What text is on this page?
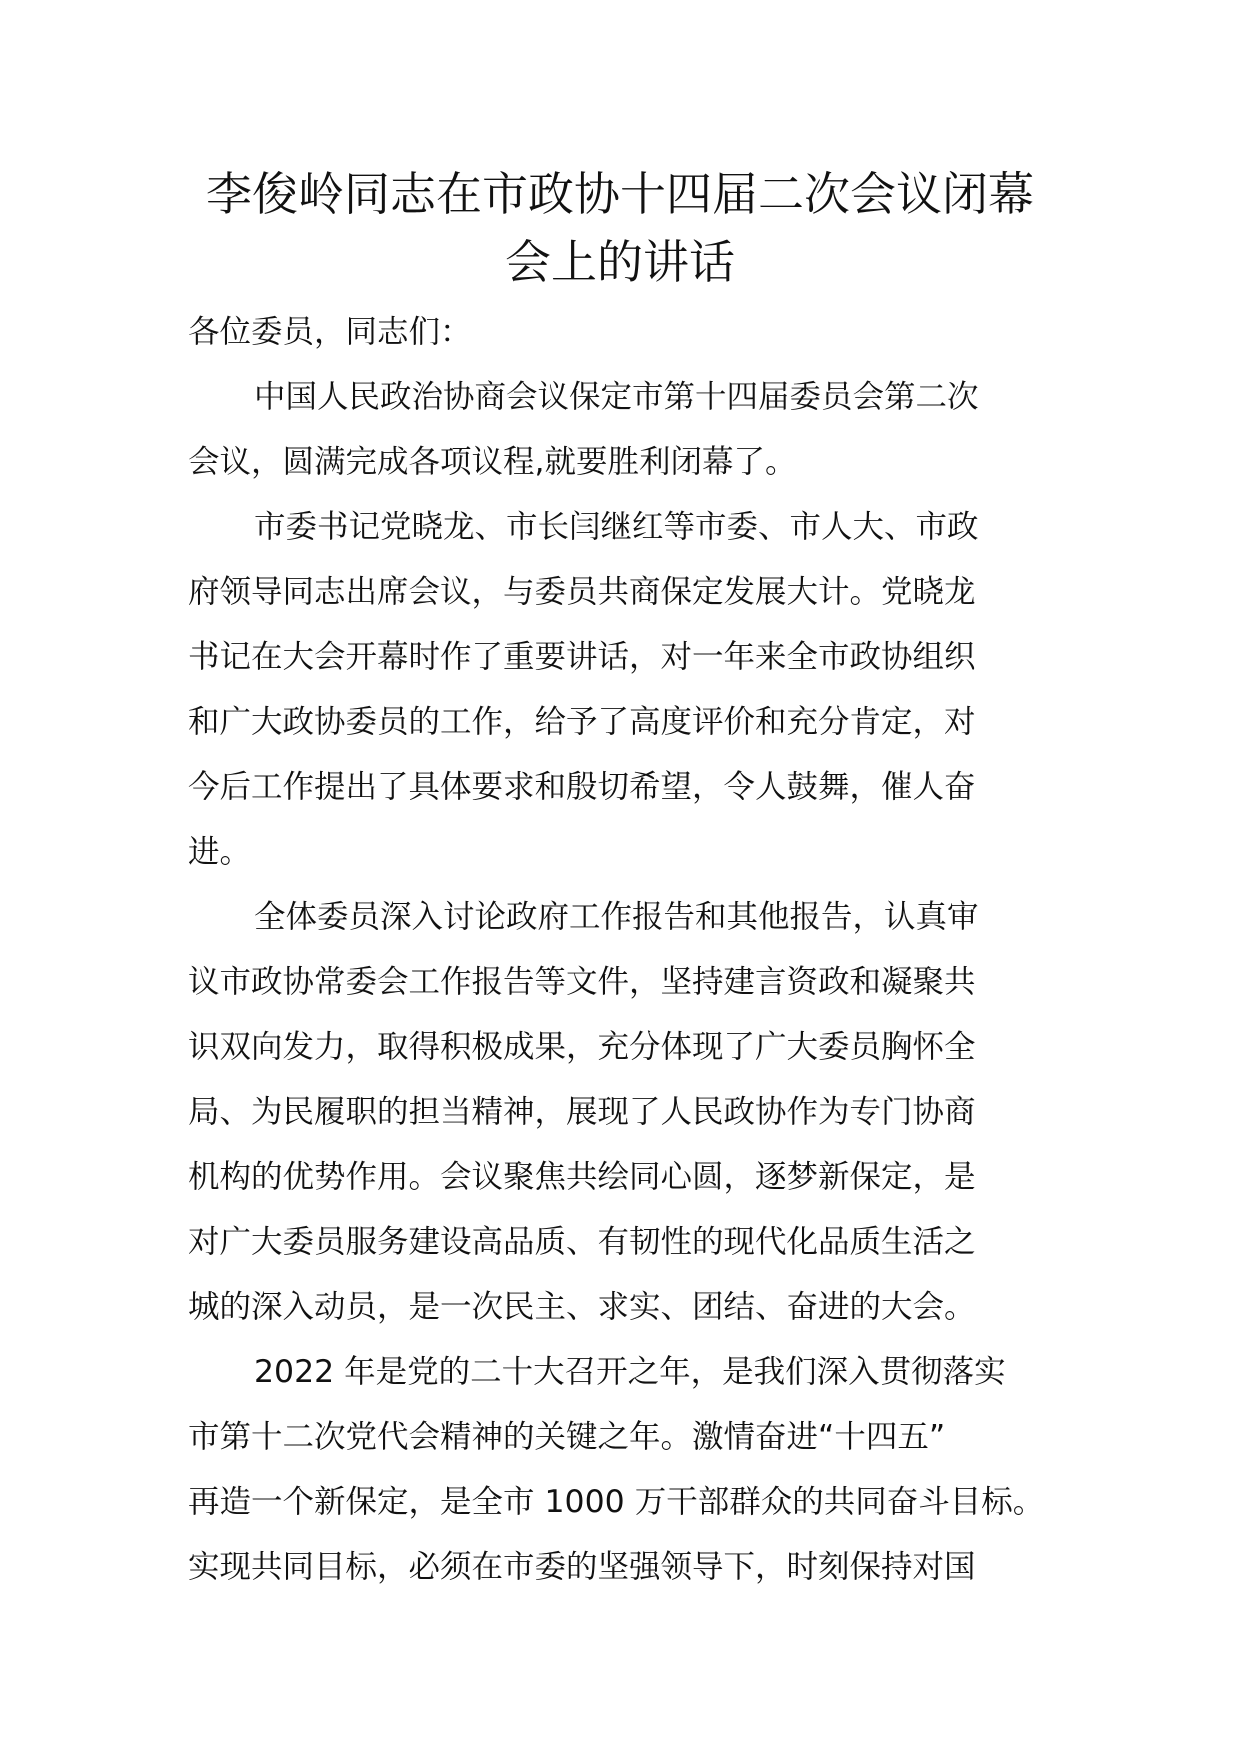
李俊岭同志在市政协十四届二次会议闭幕
会上的讲话
各位委员，同志们：
中国人民政治协商会议保定市第十四届委员会第二次
会议，圆满完成各项议程,就要胜利闭幕了。
市委书记党晓龙、市长闫继红等市委、市人大、市政
府领导同志出席会议，与委员共商保定发展大计。党晓龙
书记在大会开幕时作了重要讲话，对一年来全市政协组织
和广大政协委员的工作，给予了高度评价和充分肯定，对
今后工作提出了具体要求和殷切希望，令人鼓舞，催人奋
进。
全体委员深入讨论政府工作报告和其他报告，认真审
议市政协常委会工作报告等文件，坚持建言资政和凝聚共
识双向发力，取得积极成果，充分体现了广大委员胸怀全
局、为民履职的担当精神，展现了人民政协作为专门协商
机构的优势作用。会议聚焦共绘同心圆，逐梦新保定，是
对广大委员服务建设高品质、有韧性的现代化品质生活之
城的深入动员，是一次民主、求实、团结、奋进的大会。
2022 年是党的二十大召开之年，是我们深入贯彻落实
市第十二次党代会精神的关键之年。激情奋进“十四五”
再造一个新保定，是全市 1000 万干部群众的共同奋斗目标。
实现共同目标，必须在市委的坚强领导下，时刻保持对国
